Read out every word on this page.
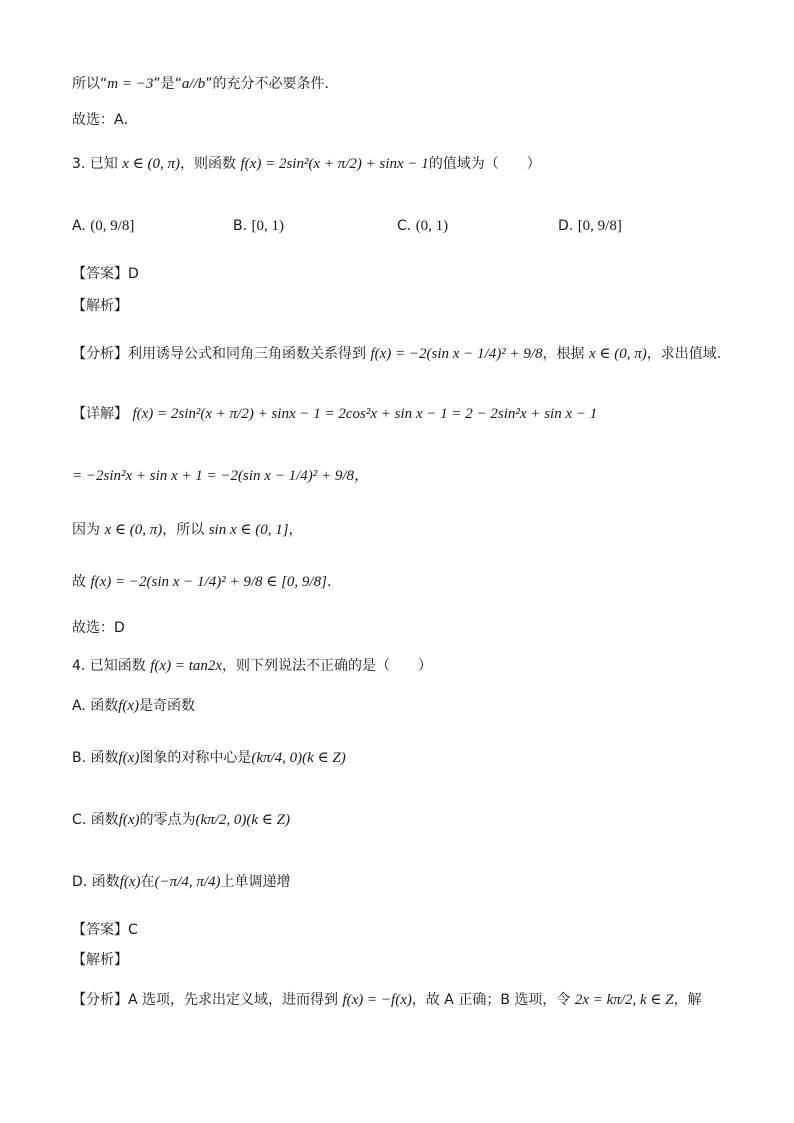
所以“m = −3”是“a//b”的充分不必要条件．
故选：A．
3. 已知 x ∈ (0, π)，则函数 f(x) = 2sin²(x + π/2) + sinx − 1的值域为（　　）
A. (0, 9/8]	B. [0, 1)	C. (0, 1)	D. [0, 9/8]
【答案】D
【解析】
【分析】利用诱导公式和同角三角函数关系得到 f(x) = −2(sin x − 1/4)² + 9/8，根据 x ∈ (0, π)，求出值域.
【详解】 f(x) = 2sin²(x + π/2) + sinx − 1 = 2cos²x + sin x − 1 = 2 − 2sin²x + sin x − 1
= −2sin²x + sin x + 1 = −2(sin x − 1/4)² + 9/8，
因为 x ∈ (0, π)，所以 sin x ∈ (0, 1]，
故 f(x) = −2(sin x − 1/4)² + 9/8 ∈ [0, 9/8].
故选：D
4. 已知函数 f(x) = tan2x，则下列说法不正确的是（　　）
A. 函数f(x)是奇函数
B. 函数f(x)图象的对称中心是(kπ/4, 0)(k ∈ Z)
C. 函数f(x)的零点为(kπ/2, 0)(k ∈ Z)
D. 函数f(x)在(−π/4, π/4)上单调递增
【答案】C
【解析】
【分析】A 选项，先求出定义域，进而得到 f(x) = −f(x)，故 A 正确；B 选项，令 2x = kπ/2, k ∈ Z，解
